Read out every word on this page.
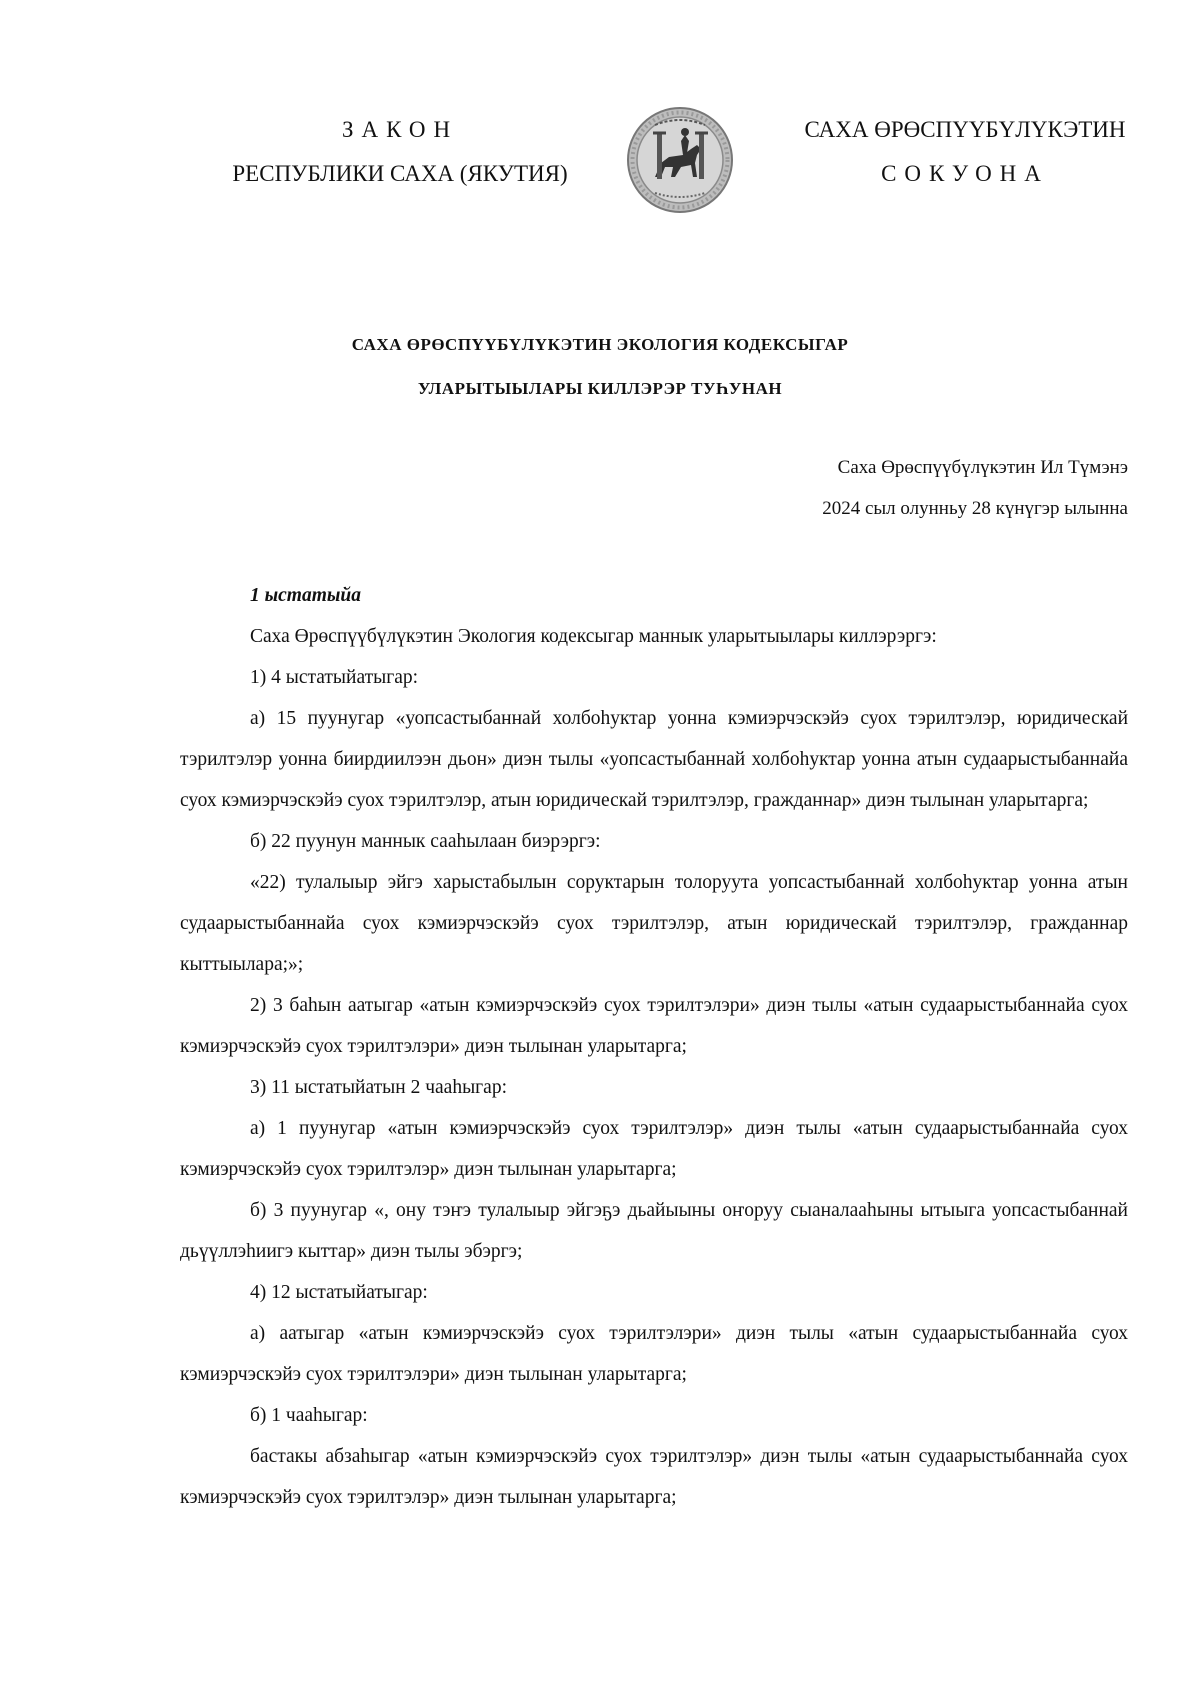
ЗАКОН
РЕСПУБЛИКИ САХА (ЯКУТИЯ)
САХА ӨРӨСПҮҮБҮЛҮКЭТИН
СОКУОНА
САХА ӨРӨСПҮҮБҮЛҮКЭТИН ЭКОЛОГИЯ КОДЕКСЫГАР
УЛАРЫТЫЫЛАРЫ КИЛЛЭРЭР ТУҺУНАН
Саха Өрөспүүбүлүкэтин Ил Түмэнэ
2024 сыл олунньу 28 күнүгэр ылынна

1 ыстатыйа

Саха Өрөспүүбүлүкэтин Экология кодексыгар маннык уларытыылары киллэрэргэ:

1) 4 ыстатыйатыгар:

а) 15 пуунугар «уопсастыбаннай холбоһуктар уонна кэмиэрчэскэйэ суох тэрилтэлэр, юридическай тэрилтэлэр уонна биирдиилээн дьон» диэн тылы «уопсастыбаннай холбоһуктар уонна атын судаарыстыбаннайа суох кэмиэрчэскэйэ суох тэрилтэлэр, атын юридическай тэрилтэлэр, гражданнар» диэн тылынан уларытарга;

б) 22 пуунун маннык сааһылаан биэрэргэ:

«22) тулалыыр эйгэ харыстабылын соруктарын толоруута уопсастыбаннай холбоһуктар уонна атын судаарыстыбаннайа суох кэмиэрчэскэйэ суох тэрилтэлэр, атын юридическай тэрилтэлэр, гражданнар кыттыылара;»;

2) 3 баһын аатыгар «атын кэмиэрчэскэйэ суох тэрилтэлэри» диэн тылы «атын судаарыстыбаннайа суох кэмиэрчэскэйэ суох тэрилтэлэри» диэн тылынан уларытарга;

3) 11 ыстатыйатын 2 чааһыгар:

а) 1 пуунугар «атын кэмиэрчэскэйэ суох тэрилтэлэр» диэн тылы «атын судаарыстыбаннайа суох кэмиэрчэскэйэ суох тэрилтэлэр» диэн тылынан уларытарга;

б) 3 пуунугар «, ону тэҥэ тулалыыр эйгэҕэ дьайыыны оҥоруу сыаналааһыны ытыыга уопсастыбаннай дьүүллэһиигэ кыттар» диэн тылы эбэргэ;

4) 12 ыстатыйатыгар:

а) аатыгар «атын кэмиэрчэскэйэ суох тэрилтэлэри» диэн тылы «атын судаарыстыбаннайа суох кэмиэрчэскэйэ суох тэрилтэлэри» диэн тылынан уларытарга;

б) 1 чааһыгар:

бастакы абзаһыгар «атын кэмиэрчэскэйэ суох тэрилтэлэр» диэн тылы «атын судаарыстыбаннайа суох кэмиэрчэскэйэ суох тэрилтэлэр» диэн тылынан уларытарга;
